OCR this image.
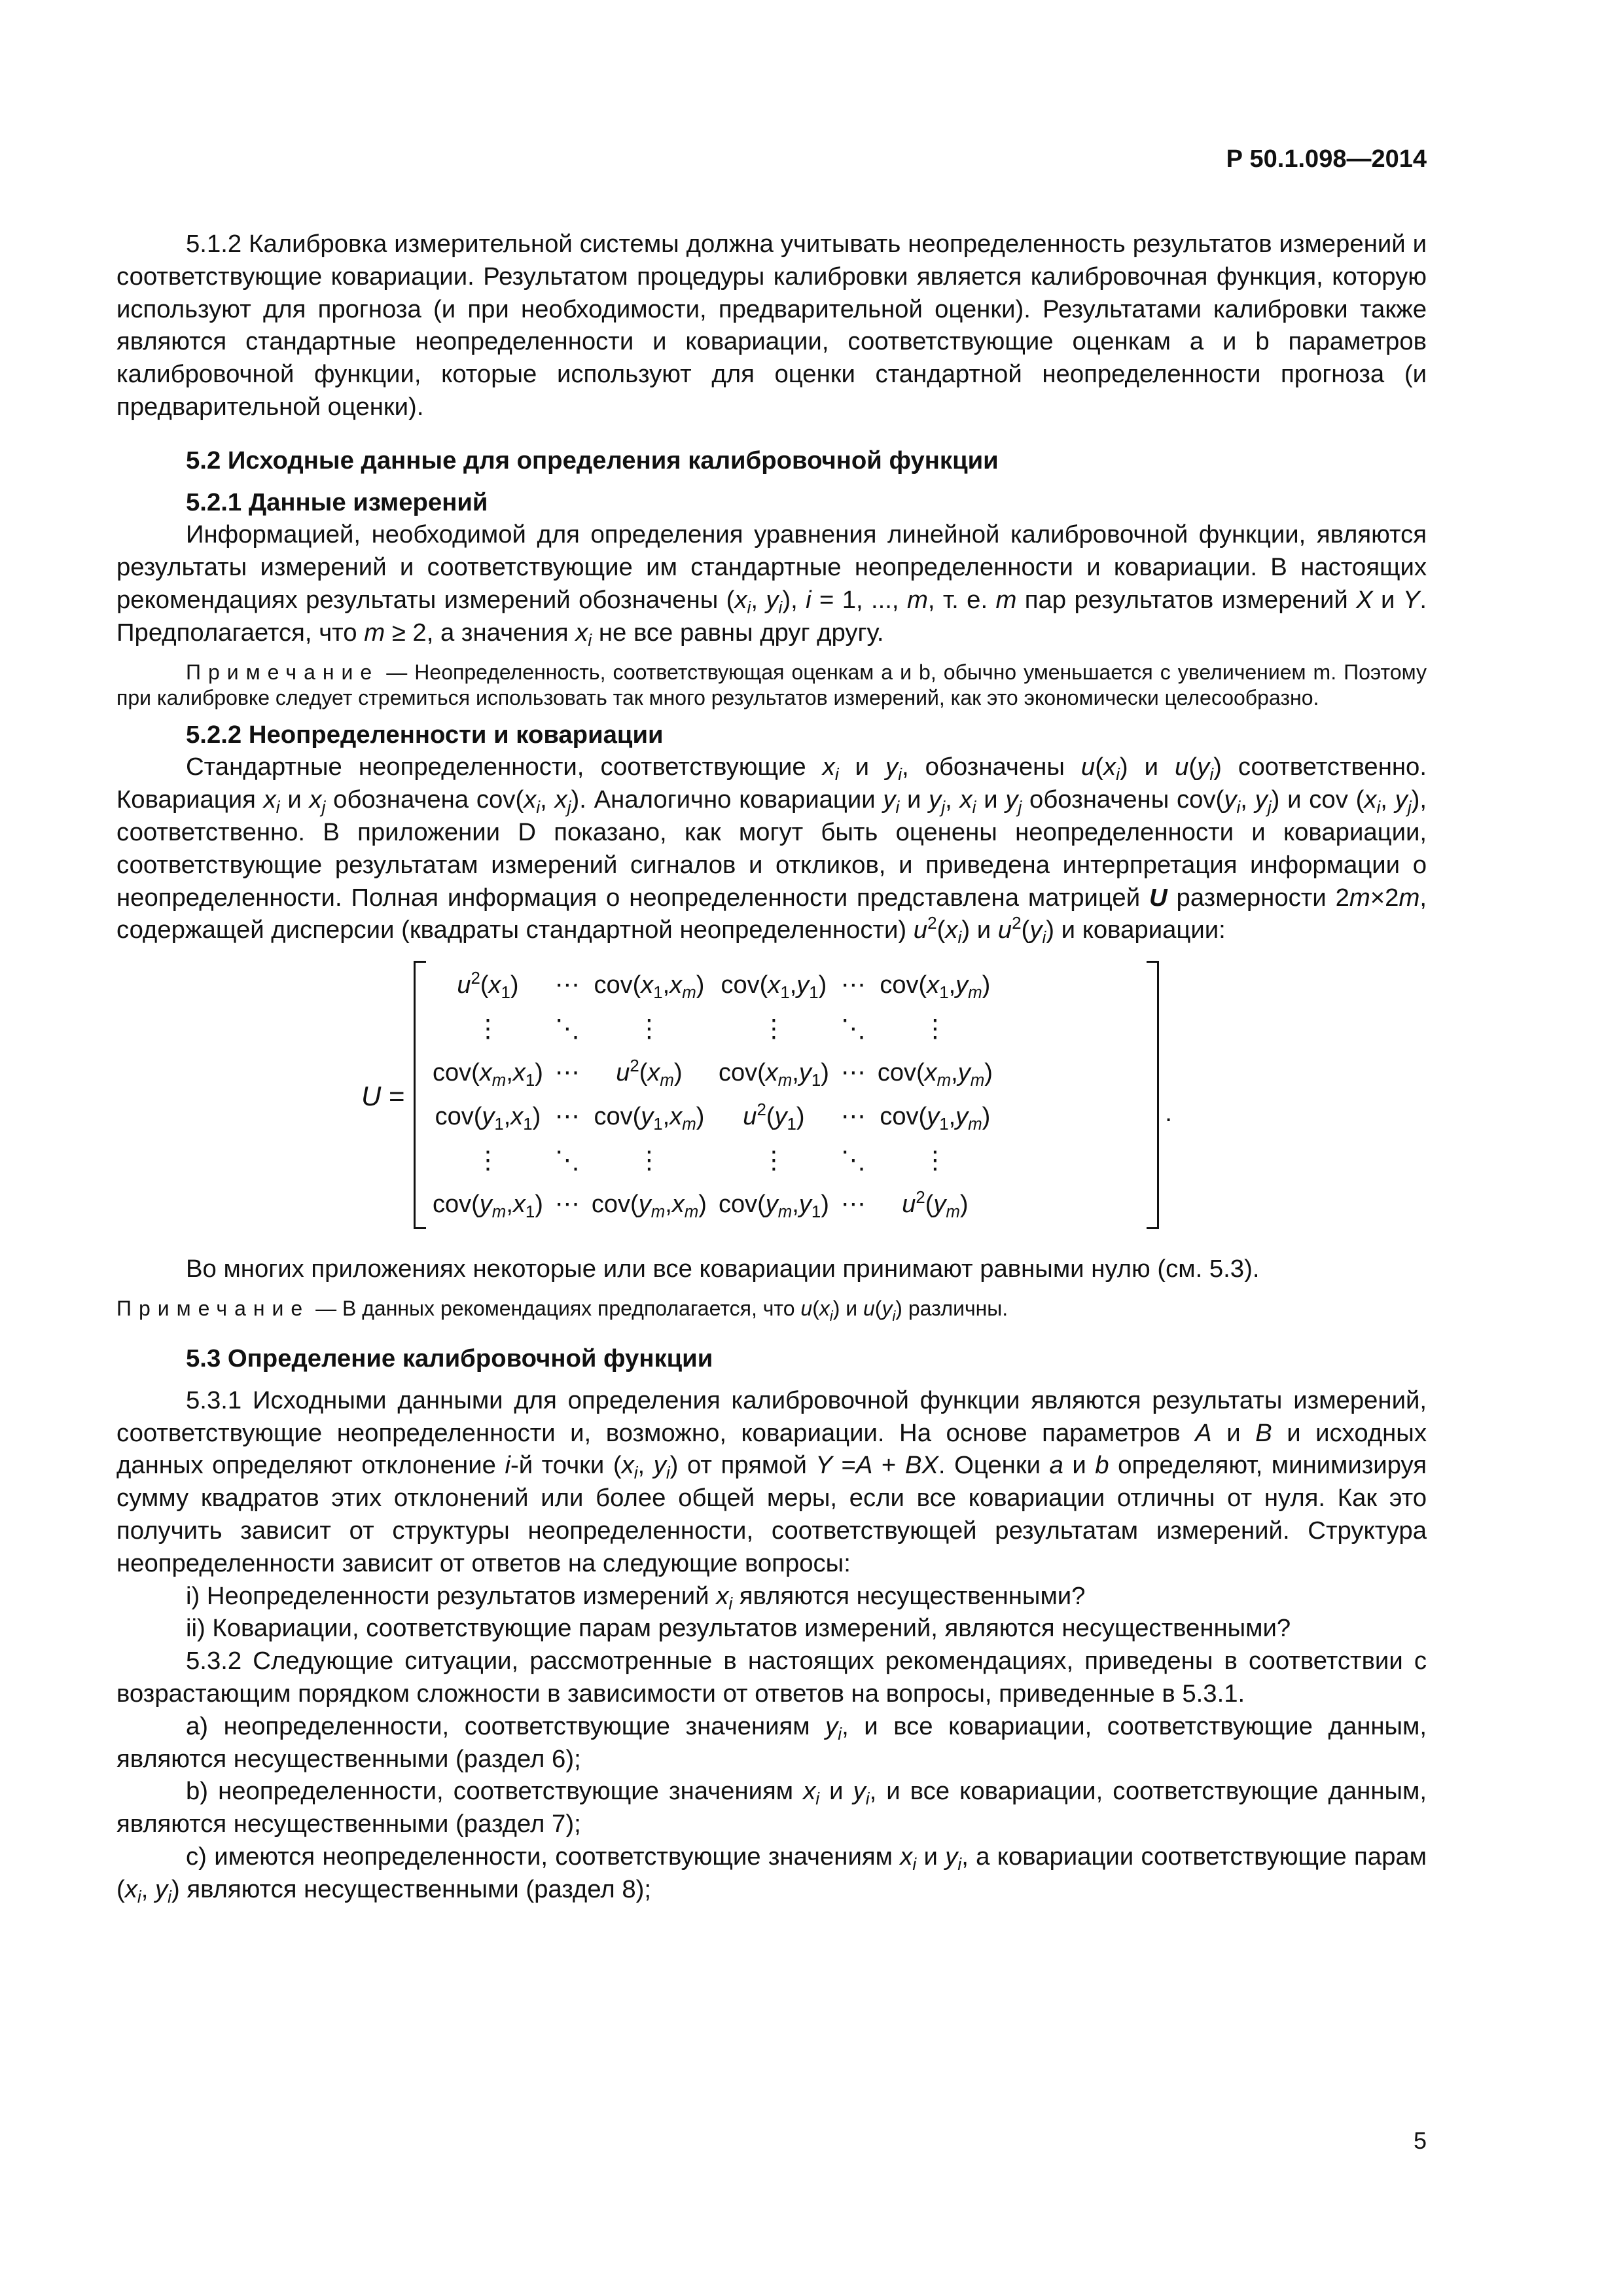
Р 50.1.098—2014

5.1.2 Калибровка измерительной системы должна учитывать неопределенность результатов измерений и соответствующие ковариации. Результатом процедуры калибровки является калибровочная функция, которую используют для прогноза (и при необходимости, предварительной оценки). Результатами калибровки также являются стандартные неопределенности и ковариации, соответствующие оценкам a и b параметров калибровочной функции, которые используют для оценки стандартной неопределенности прогноза (и предварительной оценки).

5.2 Исходные данные для определения калибровочной функции

5.2.1 Данные измерений

Информацией, необходимой для определения уравнения линейной калибровочной функции, являются результаты измерений и соответствующие им стандартные неопределенности и ковариации. В настоящих рекомендациях результаты измерений обозначены ($x_i$, $y_i$), i = 1, ..., m, т. е. m пар результатов измерений X и Y. Предполагается, что m ≥ 2, а значения $x_i$ не все равны друг другу.

Примечание — Неопределенность, соответствующая оценкам a и b, обычно уменьшается с увеличением m. Поэтому при калибровке следует стремиться использовать так много результатов измерений, как это экономически целесообразно.

5.2.2 Неопределенности и ковариации

Стандартные неопределенности, соответствующие $x_i$ и $y_i$, обозначены $u(x_i)$ и $u(y_i)$ соответственно. Ковариация $x_i$ и $x_j$ обозначена $cov(x_i$, $x_j$). Аналогично ковариации $y_i$ и $y_j$, $x_i$ и $y_j$ обозначены $cov(y_i$, $y_j$) и cov ($x_i$, $y_j$), соответственно. В приложении D показано, как могут быть оценены неопределенности и ковариации, соответствующие результатам измерений сигналов и откликов, и приведена интерпретация информации о неопределенности. Полная информация о неопределенности представлена матрицей U размерности 2m×2m, содержащей дисперсии (квадраты стандартной неопределенности) $u^2(x_i)$ и $u^2(y_i)$ и ковариации:

U =
$u^2(x_1)$	⋯	$cov(x_1,x_m)$	$cov(x_1,y_1)$	⋯	$cov(x_1,y_m)$
⋮	⋱	⋮	⋮	⋱	⋮
$cov(x_m,x_1)$	⋯	$u^2(x_m)$	$cov(x_m,y_1)$	⋯	$cov(x_m,y_m)$
$cov(y_1,x_1)$	⋯	$cov(y_1,x_m)$	$u^2(y_1)$	⋯	$cov(y_1,y_m)$
⋮	⋱	⋮	⋮	⋱	⋮
$cov(y_m,x_1)$	⋯	$cov(y_m,x_m)$	$cov(y_m,y_1)$	⋯	$u^2(y_m)$
.

Во многих приложениях некоторые или все ковариации принимают равными нулю (см. 5.3).

Примечание — В данных рекомендациях предполагается, что $u(x_i)$ и $u(y_i)$ различны.

5.3 Определение калибровочной функции

5.3.1 Исходными данными для определения калибровочной функции являются результаты измерений, соответствующие неопределенности и, возможно, ковариации. На основе параметров A и B и исходных данных определяют отклонение i-й точки ($x_i$, $y_i$) от прямой Y =A + BX. Оценки a и b определяют, минимизируя сумму квадратов этих отклонений или более общей меры, если все ковариации отличны от нуля. Как это получить зависит от структуры неопределенности, соответствующей результатам измерений. Структура неопределенности зависит от ответов на следующие вопросы:

i) Неопределенности результатов измерений $x_i$ являются несущественными?

ii) Ковариации, соответствующие парам результатов измерений, являются несущественными?

5.3.2 Следующие ситуации, рассмотренные в настоящих рекомендациях, приведены в соответствии с возрастающим порядком сложности в зависимости от ответов на вопросы, приведенные в 5.3.1.

а) неопределенности, соответствующие значениям $y_i$, и все ковариации, соответствующие данным, являются несущественными (раздел 6);

b) неопределенности, соответствующие значениям $x_i$ и $y_i$, и все ковариации, соответствующие данным, являются несущественными (раздел 7);

с) имеются неопределенности, соответствующие значениям $x_i$ и $y_i$, а ковариации соответствующие парам ($x_i$, $y_i$) являются несущественными (раздел 8);

5
